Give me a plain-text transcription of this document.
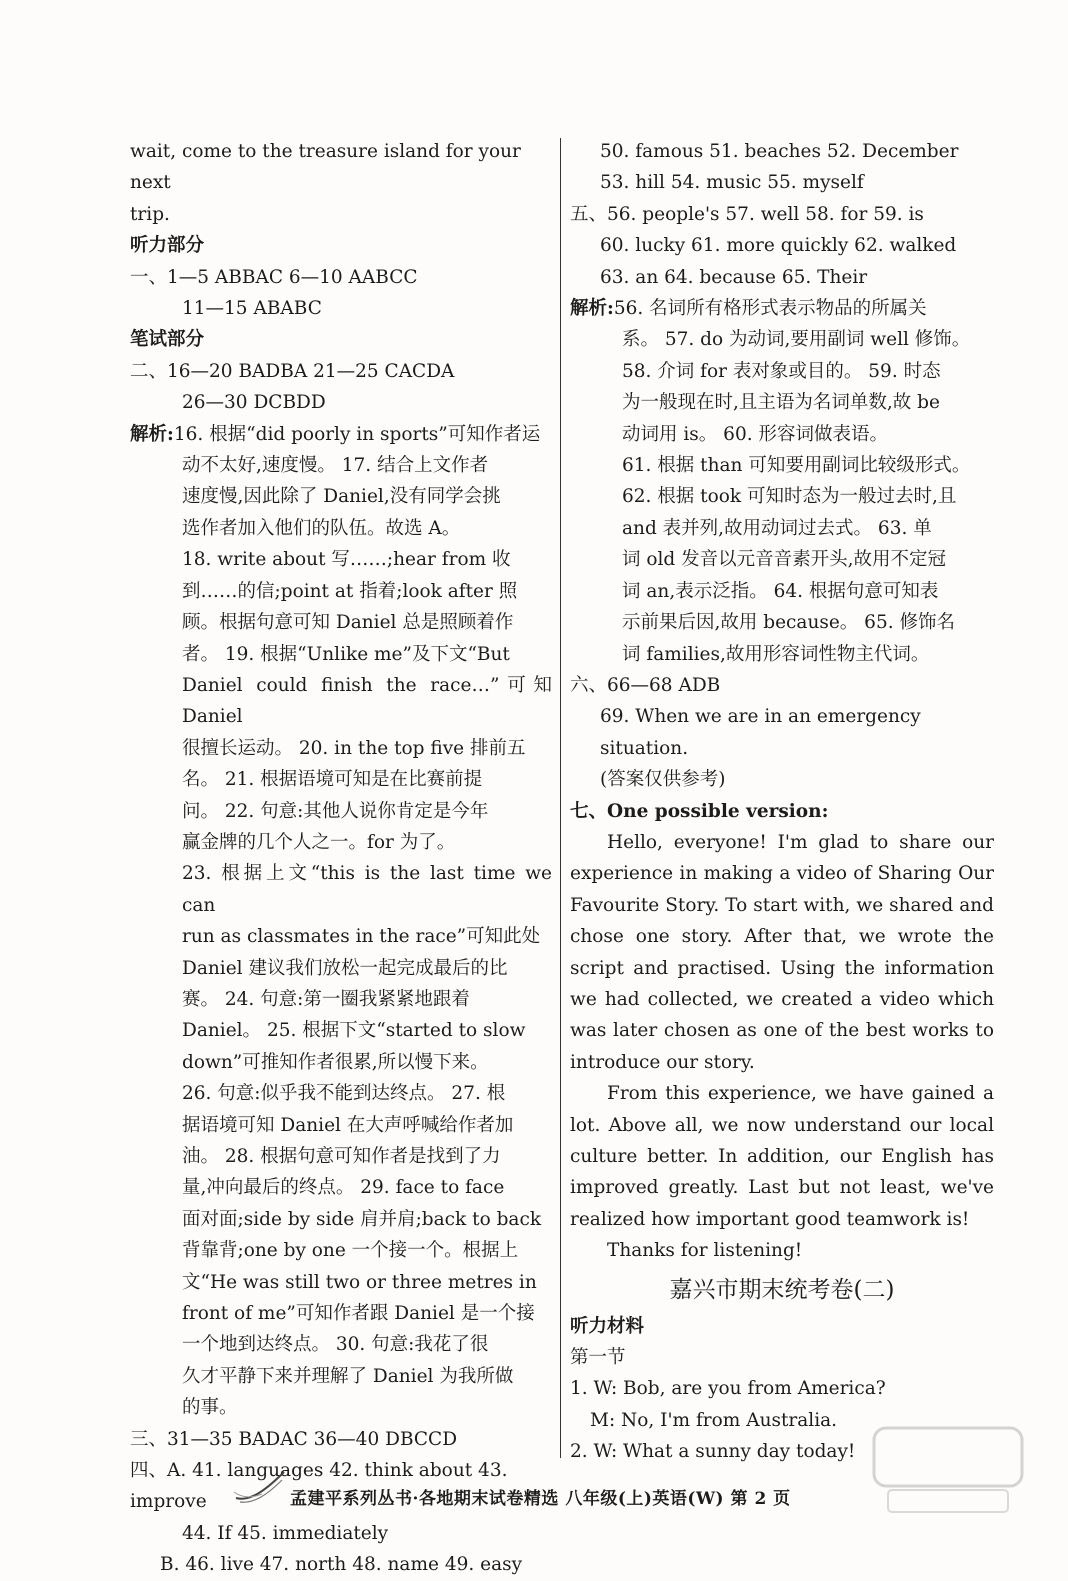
wait, come to the treasure island for your next
trip.
听力部分
一、1—5 ABBAC 6—10 AABCC
11—15 ABABC
笔试部分
二、16—20 BADBA 21—25 CACDA
26—30 DCBDD
解析:16. 根据“did poorly in sports”可知作者运
动不太好,速度慢。 17. 结合上文作者
速度慢,因此除了 Daniel,没有同学会挑
选作者加入他们的队伍。故选 A。
18. write about 写……;hear from 收
到……的信;point at 指着;look after 照
顾。根据句意可知 Daniel 总是照顾着作
者。 19. 根据“Unlike me”及下文“But
Daniel could finish the race…”可知 Daniel
很擅长运动。 20. in the top five 排前五
名。 21. 根据语境可知是在比赛前提
问。 22. 句意:其他人说你肯定是今年
赢金牌的几个人之一。for 为了。
23. 根据上文“this is the last time we can
run as classmates in the race”可知此处
Daniel 建议我们放松一起完成最后的比
赛。 24. 句意:第一圈我紧紧地跟着
Daniel。 25. 根据下文“started to slow
down”可推知作者很累,所以慢下来。
26. 句意:似乎我不能到达终点。 27. 根
据语境可知 Daniel 在大声呼喊给作者加
油。 28. 根据句意可知作者是找到了力
量,冲向最后的终点。 29. face to face
面对面;side by side 肩并肩;back to back
背靠背;one by one 一个接一个。根据上
文“He was still two or three metres in
front of me”可知作者跟 Daniel 是一个接
一个地到达终点。 30. 句意:我花了很
久才平静下来并理解了 Daniel 为我所做
的事。
三、31—35 BADAC 36—40 DBCCD
四、A. 41. languages 42. think about 43. improve
44. If 45. immediately
B. 46. live 47. north 48. name 49. easy
50. famous 51. beaches 52. December
53. hill 54. music 55. myself
五、56. people's 57. well 58. for 59. is
60. lucky 61. more quickly 62. walked
63. an 64. because 65. Their
解析:56. 名词所有格形式表示物品的所属关
系。 57. do 为动词,要用副词 well 修饰。
58. 介词 for 表对象或目的。 59. 时态
为一般现在时,且主语为名词单数,故 be
动词用 is。 60. 形容词做表语。
61. 根据 than 可知要用副词比较级形式。
62. 根据 took 可知时态为一般过去时,且
and 表并列,故用动词过去式。 63. 单
词 old 发音以元音音素开头,故用不定冠
词 an,表示泛指。 64. 根据句意可知表
示前果后因,故用 because。 65. 修饰名
词 families,故用形容词性物主代词。
六、66—68 ADB
69. When we are in an emergency situation.
(答案仅供参考)
七、One possible version:
Hello, everyone! I'm glad to share our experience in making a video of Sharing Our Favourite Story. To start with, we shared and chose one story. After that, we wrote the script and practised. Using the information we had collected, we created a video which was later chosen as one of the best works to introduce our story.
From this experience, we have gained a lot. Above all, we now understand our local culture better. In addition, our English has improved greatly. Last but not least, we've realized how important good teamwork is!
Thanks for listening!
嘉兴市期末统考卷(二)
听力材料
第一节
1. W: Bob, are you from America?
M: No, I'm from Australia.
2. W: What a sunny day today!
孟建平系列丛书·各地期末试卷精选 八年级(上)英语(W) 第 2 页
